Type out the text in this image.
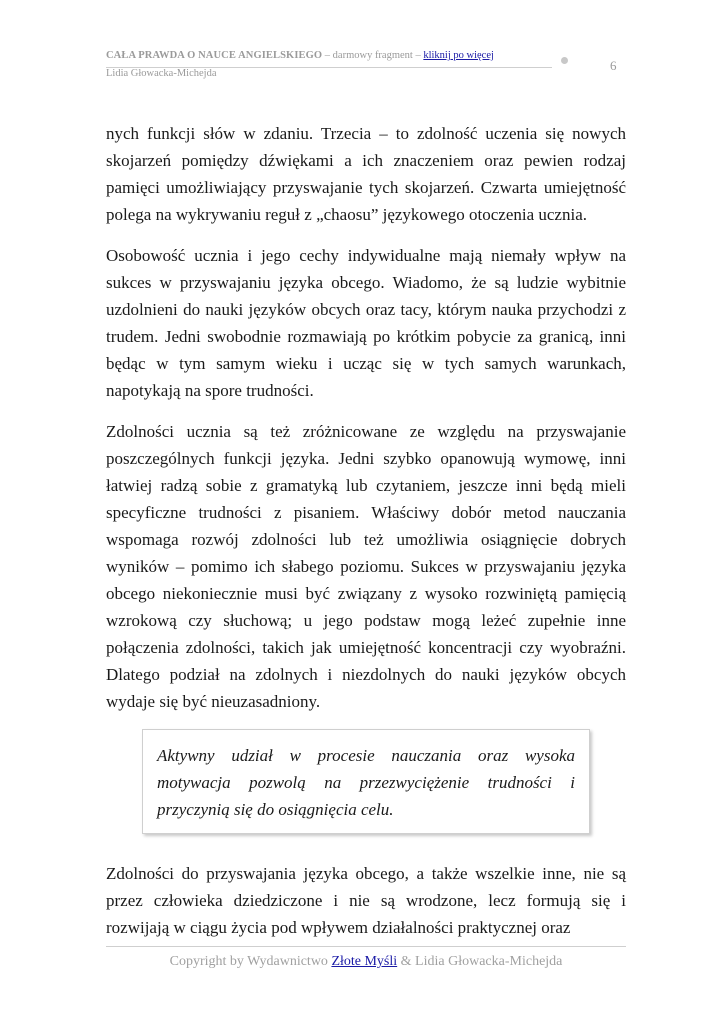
CAŁA PRAWDA O NAUCE ANGIELSKIEGO – darmowy fragment – kliknij po więcej
Lidia Głowacka-Michejda
6

nych funkcji słów w zdaniu. Trzecia – to zdolność uczenia się nowych skojarzeń pomiędzy dźwiękami a ich znaczeniem oraz pewien rodzaj pamięci umożliwiający przyswajanie tych skojarzeń. Czwarta umiejętność polega na wykrywaniu reguł z „chaosu” językowego otoczenia ucznia.

Osobowość ucznia i jego cechy indywidualne mają niemały wpływ na sukces w przyswajaniu języka obcego. Wiadomo, że są ludzie wybitnie uzdolnieni do nauki języków obcych oraz tacy, którym nauka przychodzi z trudem. Jedni swobodnie rozmawiają po krótkim pobycie za granicą, inni będąc w tym samym wieku i ucząc się w tych samych warunkach, napotykają na spore trudności.

Zdolności ucznia są też zróżnicowane ze względu na przyswajanie poszczególnych funkcji języka. Jedni szybko opanowują wymowę, inni łatwiej radzą sobie z gramatyką lub czytaniem, jeszcze inni będą mieli specyficzne trudności z pisaniem. Właściwy dobór metod nauczania wspomaga rozwój zdolności lub też umożliwia osiągnięcie dobrych wyników – pomimo ich słabego poziomu. Sukces w przyswajaniu języka obcego niekoniecznie musi być związany z wysoko rozwiniętą pamięcią wzrokową czy słuchową; u jego podstaw mogą leżeć zupełnie inne połączenia zdolności, takich jak umiejętność koncentracji czy wyobraźni. Dlatego podział na zdolnych i niezdolnych do nauki języków obcych wydaje się być nieuzasadniony.

Aktywny udział w procesie nauczania oraz wysoka motywacja pozwolą na przezwyciężenie trudności i przyczynią się do osiągnięcia celu.

Zdolności do przyswajania języka obcego, a także wszelkie inne, nie są przez człowieka dziedziczone i nie są wrodzone, lecz formują się i rozwijają w ciągu życia pod wpływem działalności praktycznej oraz

Copyright by Wydawnictwo Złote Myśli & Lidia Głowacka-Michejda
